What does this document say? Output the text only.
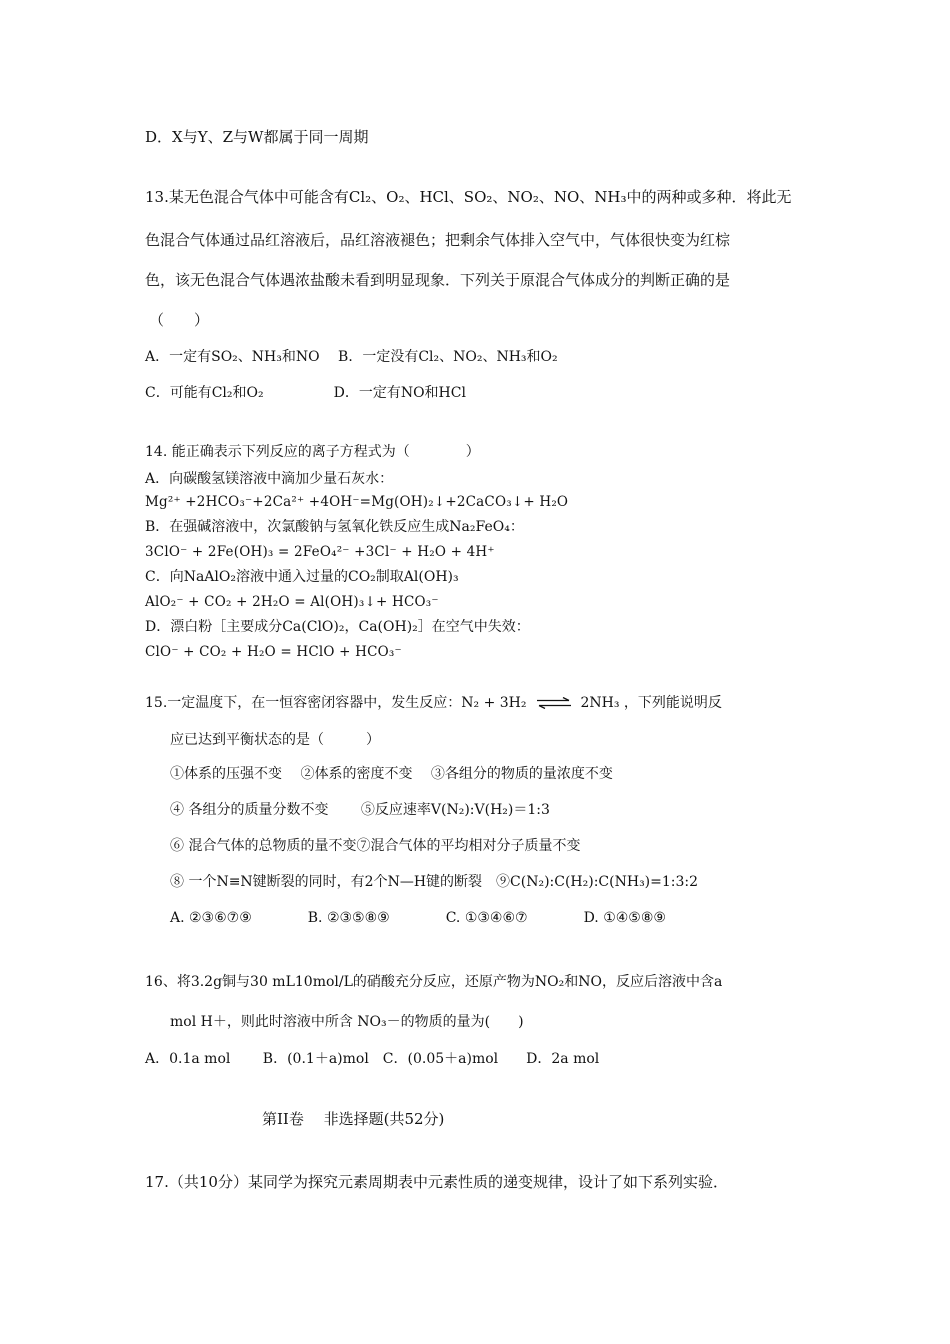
D．X与Y、Z与W都属于同一周期
13.某无色混合气体中可能含有Cl₂、O₂、HCl、SO₂、NO₂、NO、NH₃中的两种或多种．将此无
色混合气体通过品红溶液后，品红溶液褪色；把剩余气体排入空气中，气体很快变为红棕
色，该无色混合气体遇浓盐酸未看到明显现象．下列关于原混合气体成分的判断正确的是
（　　）
A．一定有SO₂、NH₃和NO　 B．一定没有Cl₂、NO₂、NH₃和O₂
C．可能有Cl₂和O₂　　　　　D．一定有NO和HCl
14. 能正确表示下列反应的离子方程式为（　　　　）
A．向碳酸氢镁溶液中滴加少量石灰水：
Mg²⁺ +2HCO₃⁻+2Ca²⁺ +4OH⁻=Mg(OH)₂↓+2CaCO₃↓+ H₂O
B．在强碱溶液中，次氯酸钠与氢氧化铁反应生成Na₂FeO₄：
3ClO⁻ + 2Fe(OH)₃ = 2FeO₄²⁻ +3Cl⁻ + H₂O + 4H⁺
C．向NaAlO₂溶液中通入过量的CO₂制取Al(OH)₃
AlO₂⁻ + CO₂ + 2H₂O = Al(OH)₃↓+ HCO₃⁻
D．漂白粉［主要成分Ca(ClO)₂，Ca(OH)₂］在空气中失效：
ClO⁻ + CO₂ + H₂O = HClO + HCO₃⁻
15.一定温度下，在一恒容密闭容器中，发生反应：N₂ + 3H₂ ⇌ 2NH₃ ，下列能说明反
应已达到平衡状态的是（　　　）
①体系的压强不变　 ②体系的密度不变　 ③各组分的物质的量浓度不变
④ 各组分的质量分数不变　　 ⑤反应速率V(N₂):V(H₂)＝1:3
⑥ 混合气体的总物质的量不变⑦混合气体的平均相对分子质量不变
⑧ 一个N≡N键断裂的同时，有2个N—H键的断裂　⑨C(N₂):C(H₂):C(NH₃)=1:3:2
A. ②③⑥⑦⑨　　　　B. ②③⑤⑧⑨　　　　C. ①③④⑥⑦　　　　D. ①④⑤⑧⑨
16、将3.2g铜与30 mL10mol/L的硝酸充分反应，还原产物为NO₂和NO，反应后溶液中含a
mol H＋，则此时溶液中所含 NO₃－的物质的量为(　　)
A．0.1a mol　　 B．(0.1＋a)mol　C．(0.05＋a)mol　　D．2a mol
第II卷　 非选择题(共52分)
17.（共10分）某同学为探究元素周期表中元素性质的递变规律，设计了如下系列实验．
